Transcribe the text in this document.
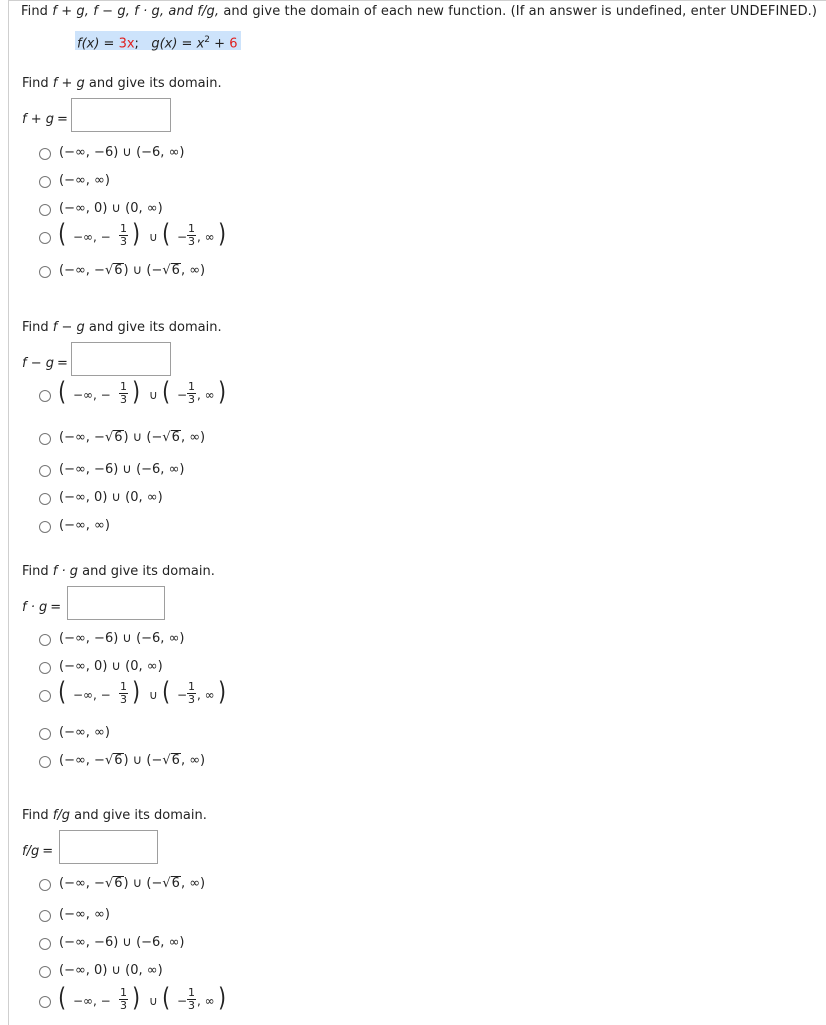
Find f + g, f − g, f · g, and f/g, and give the domain of each new function. (If an answer is undefined, enter UNDEFINED.)
f(x) = 3x;   $g(x) = x^2 + 6$
Find f + g and give its domain.
f + g =
(−∞, −6) ∪ (−6, ∞)
(−∞, ∞)
(−∞, 0) ∪ (0, ∞)
( −∞, − $\frac{1}{3}$ ) ∪ ( − $\frac{1}{3}$ , ∞ )
(−∞, −√6) ∪ (−√6, ∞)
Find f − g and give its domain.
f − g =
( −∞, − $\frac{1}{3}$ ) ∪ ( − $\frac{1}{3}$ , ∞ )
(−∞, −√6) ∪ (−√6, ∞)
(−∞, −6) ∪ (−6, ∞)
(−∞, 0) ∪ (0, ∞)
(−∞, ∞)
Find f · g and give its domain.
f · g =
(−∞, −6) ∪ (−6, ∞)
(−∞, 0) ∪ (0, ∞)
( −∞, − $\frac{1}{3}$ ) ∪ ( − $\frac{1}{3}$ , ∞ )
(−∞, ∞)
(−∞, −√6) ∪ (−√6, ∞)
Find f/g and give its domain.
f/g =
(−∞, −√6) ∪ (−√6, ∞)
(−∞, ∞)
(−∞, −6) ∪ (−6, ∞)
(−∞, 0) ∪ (0, ∞)
( −∞, − $\frac{1}{3}$ ) ∪ ( − $\frac{1}{3}$ , ∞ )
